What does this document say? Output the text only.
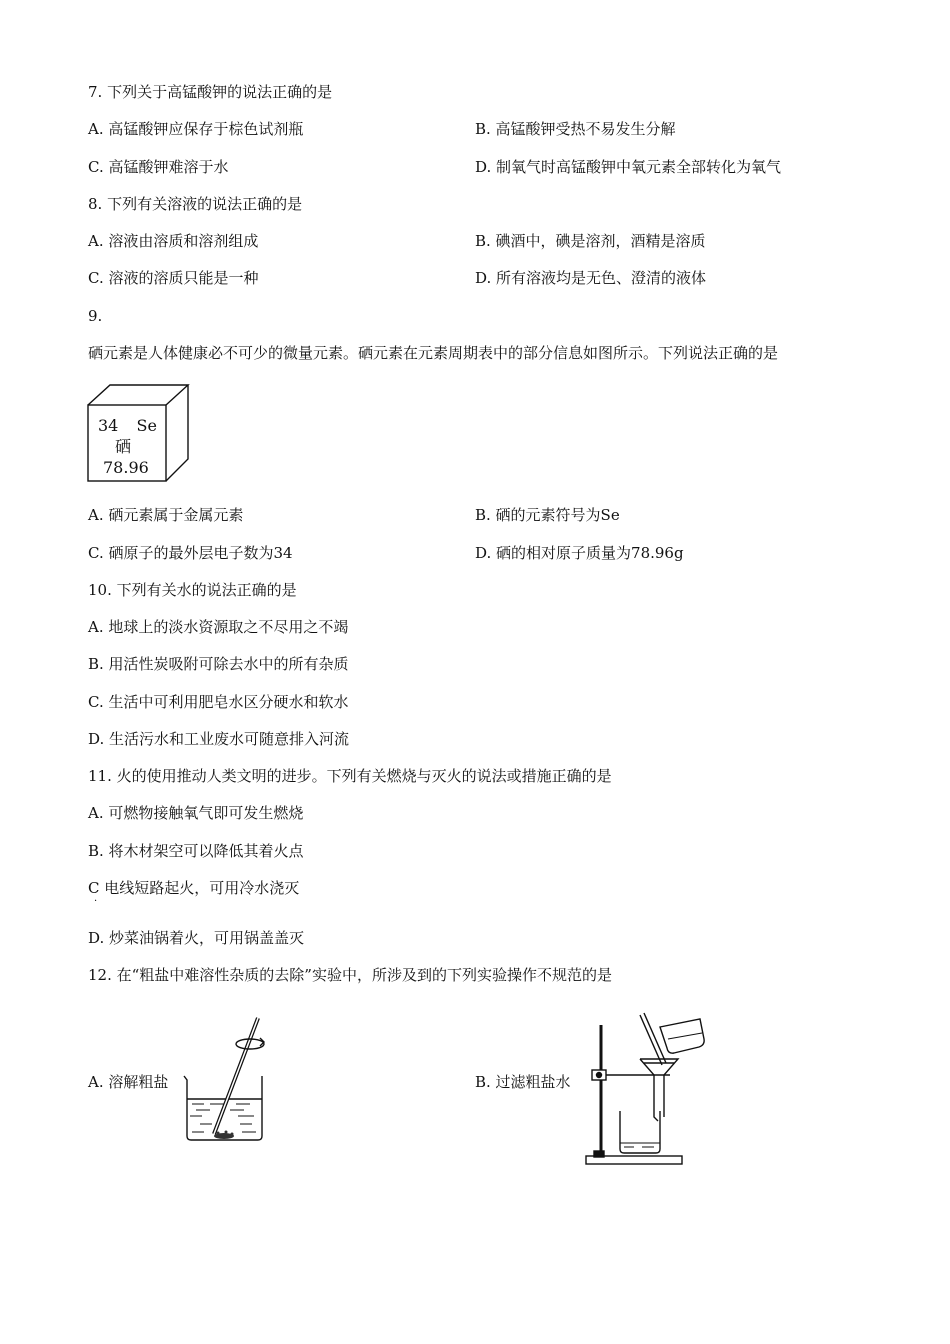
7. 下列关于高锰酸钾的说法正确的是
A. 高锰酸钾应保存于棕色试剂瓶	B. 高锰酸钾受热不易发生分解
C. 高锰酸钾难溶于水	D. 制氧气时高锰酸钾中氧元素全部转化为氧气
8. 下列有关溶液的说法正确的是
A. 溶液由溶质和溶剂组成	B. 碘酒中，碘是溶剂，酒精是溶质
C. 溶液的溶质只能是一种	D. 所有溶液均是无色、澄清的液体
9.
硒元素是人体健康必不可少的微量元素。硒元素在元素周期表中的部分信息如图所示。下列说法正确的是
34 Se
硒
78.96
A. 硒元素属于金属元素	B. 硒的元素符号为Se
C. 硒原子的最外层电子数为34	D. 硒的相对原子质量为78.96g
10. 下列有关水的说法正确的是
A. 地球上的淡水资源取之不尽用之不竭
B. 用活性炭吸附可除去水中的所有杂质
C. 生活中可利用肥皂水区分硬水和软水
D. 生活污水和工业废水可随意排入河流
11. 火的使用推动人类文明的进步。下列有关燃烧与灭火的说法或措施正确的是
A. 可燃物接触氧气即可发生燃烧
B. 将木材架空可以降低其着火点
C 电线短路起火，可用冷水浇灭
·
D. 炒菜油锅着火，可用锅盖盖灭
12. 在“粗盐中难溶性杂质的去除”实验中，所涉及到的下列实验操作不规范的是
A. 溶解粗盐	B. 过滤粗盐水
